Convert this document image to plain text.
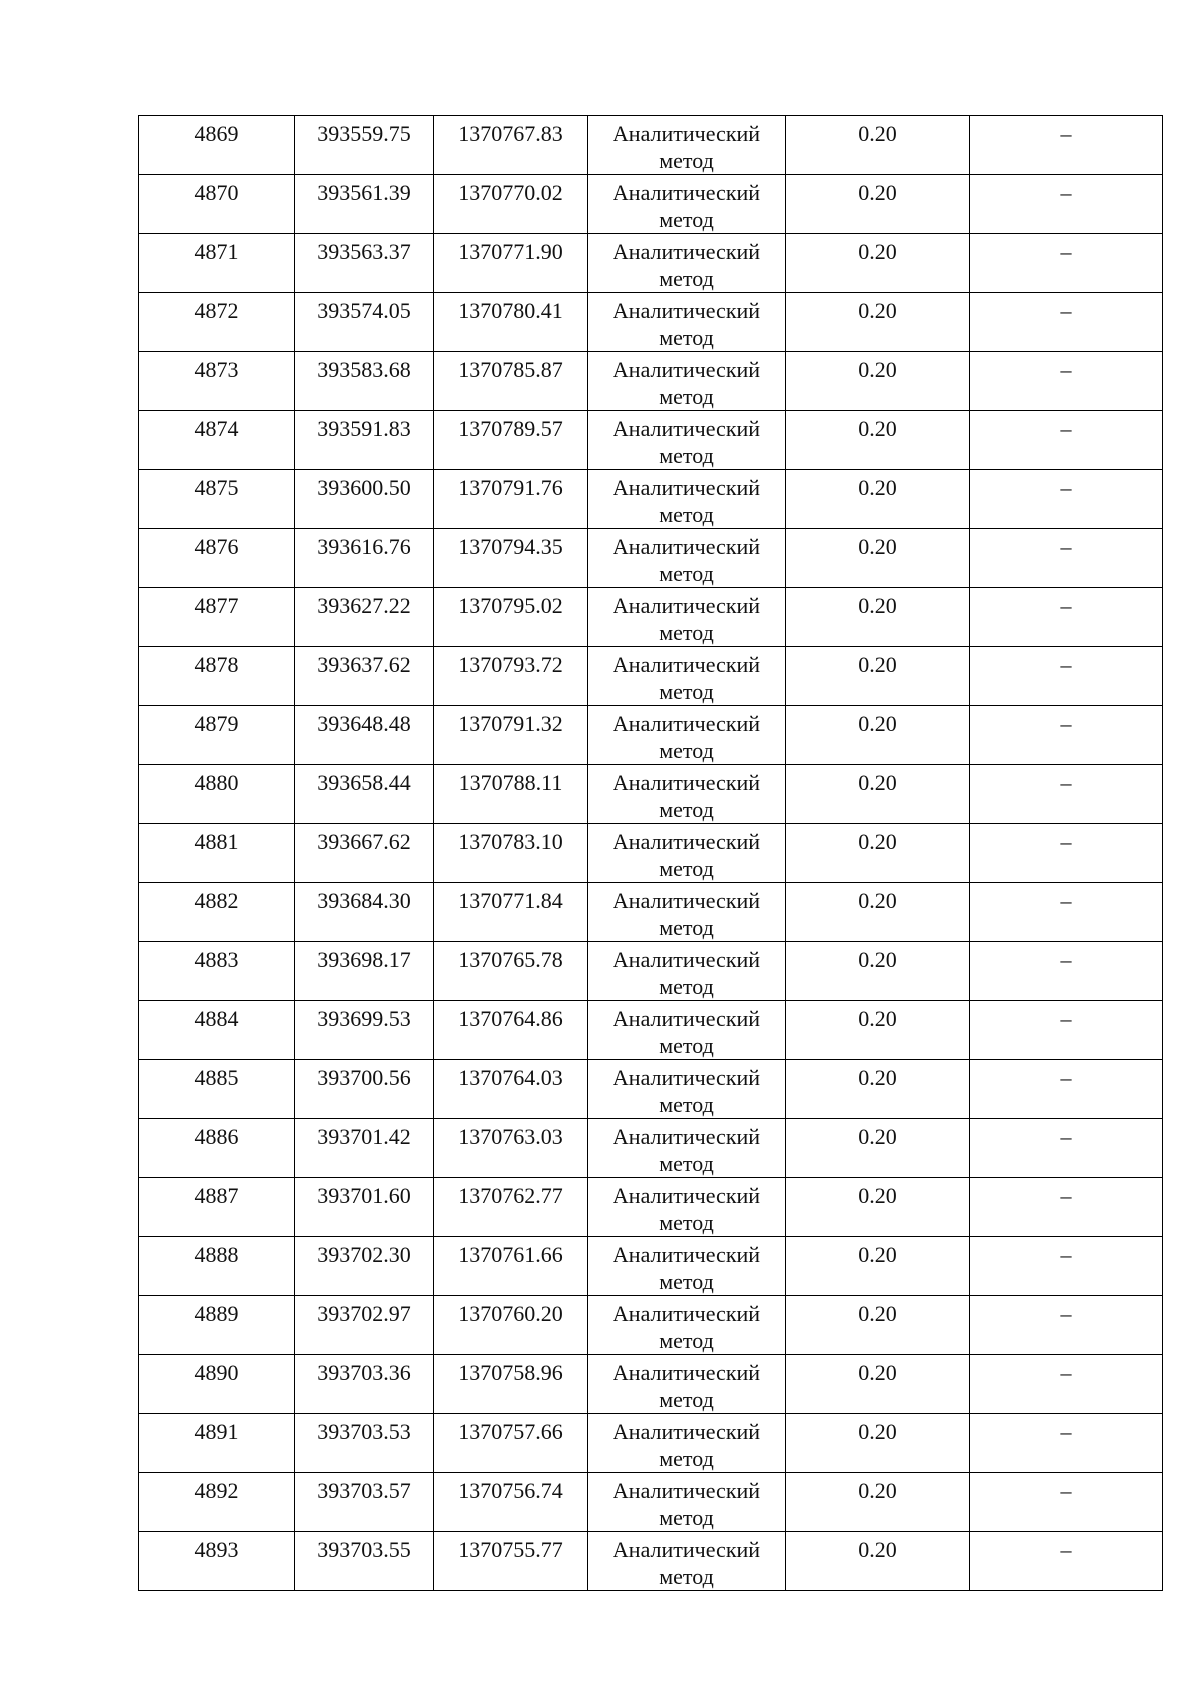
4869	393559.75	1370767.83	Аналитический метод	0.20	–
4870	393561.39	1370770.02	Аналитический метод	0.20	–
4871	393563.37	1370771.90	Аналитический метод	0.20	–
4872	393574.05	1370780.41	Аналитический метод	0.20	–
4873	393583.68	1370785.87	Аналитический метод	0.20	–
4874	393591.83	1370789.57	Аналитический метод	0.20	–
4875	393600.50	1370791.76	Аналитический метод	0.20	–
4876	393616.76	1370794.35	Аналитический метод	0.20	–
4877	393627.22	1370795.02	Аналитический метод	0.20	–
4878	393637.62	1370793.72	Аналитический метод	0.20	–
4879	393648.48	1370791.32	Аналитический метод	0.20	–
4880	393658.44	1370788.11	Аналитический метод	0.20	–
4881	393667.62	1370783.10	Аналитический метод	0.20	–
4882	393684.30	1370771.84	Аналитический метод	0.20	–
4883	393698.17	1370765.78	Аналитический метод	0.20	–
4884	393699.53	1370764.86	Аналитический метод	0.20	–
4885	393700.56	1370764.03	Аналитический метод	0.20	–
4886	393701.42	1370763.03	Аналитический метод	0.20	–
4887	393701.60	1370762.77	Аналитический метод	0.20	–
4888	393702.30	1370761.66	Аналитический метод	0.20	–
4889	393702.97	1370760.20	Аналитический метод	0.20	–
4890	393703.36	1370758.96	Аналитический метод	0.20	–
4891	393703.53	1370757.66	Аналитический метод	0.20	–
4892	393703.57	1370756.74	Аналитический метод	0.20	–
4893	393703.55	1370755.77	Аналитический метод	0.20	–
